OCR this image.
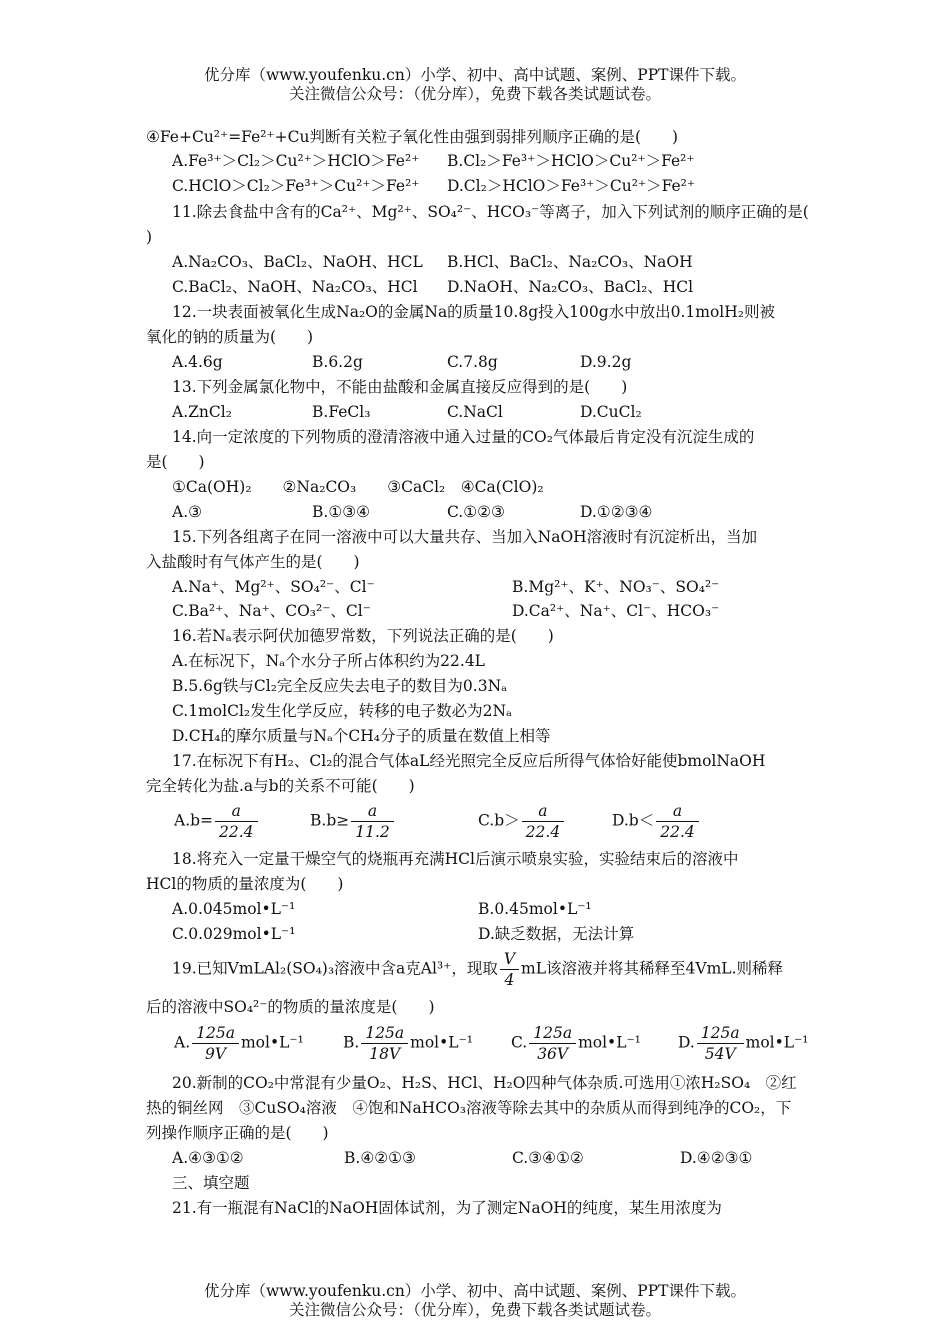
优分库（www.youfenku.cn）小学、初中、高中试题、案例、PPT课件下载。
关注微信公众号：（优分库），免费下载各类试题试卷。
④Fe+Cu²⁺=Fe²⁺+Cu判断有关粒子氧化性由强到弱排列顺序正确的是(　　)
A.Fe³⁺＞Cl₂＞Cu²⁺＞HClO＞Fe²⁺ B.Cl₂＞Fe³⁺＞HClO＞Cu²⁺＞Fe²⁺
C.HClO＞Cl₂＞Fe³⁺＞Cu²⁺＞Fe²⁺ D.Cl₂＞HClO＞Fe³⁺＞Cu²⁺＞Fe²⁺
11.除去食盐中含有的Ca²⁺、Mg²⁺、SO₄²⁻、HCO₃⁻等离子，加入下列试剂的顺序正确的是(
)
A.Na₂CO₃、BaCl₂、NaOH、HCL B.HCl、BaCl₂、Na₂CO₃、NaOH
C.BaCl₂、NaOH、Na₂CO₃、HCl D.NaOH、Na₂CO₃、BaCl₂、HCl
12.一块表面被氧化生成Na₂O的金属Na的质量10.8g投入100g水中放出0.1molH₂则被
氧化的钠的质量为(　　)
A.4.6g	B.6.2g	C.7.8g	D.9.2g
13.下列金属氯化物中，不能由盐酸和金属直接反应得到的是(　　)
A.ZnCl₂	B.FeCl₃	C.NaCl	D.CuCl₂
14.向一定浓度的下列物质的澄清溶液中通入过量的CO₂气体最后肯定没有沉淀生成的
是(　　)
①Ca(OH)₂　　②Na₂CO₃　　③CaCl₂　④Ca(ClO)₂
A.③	B.①③④	C.①②③	D.①②③④
15.下列各组离子在同一溶液中可以大量共存、当加入NaOH溶液时有沉淀析出，当加
入盐酸时有气体产生的是(　　)
A.Na⁺、Mg²⁺、SO₄²⁻、Cl⁻	B.Mg²⁺、K⁺、NO₃⁻、SO₄²⁻
C.Ba²⁺、Na⁺、CO₃²⁻、Cl⁻	D.Ca²⁺、Na⁺、Cl⁻、HCO₃⁻
16.若Nₐ表示阿伏加德罗常数，下列说法正确的是(　　)
A.在标况下，Nₐ个水分子所占体积约为22.4L
B.5.6g铁与Cl₂完全反应失去电子的数目为0.3Nₐ
C.1molCl₂发生化学反应，转移的电子数必为2Nₐ
D.CH₄的摩尔质量与Nₐ个CH₄分子的质量在数值上相等
17.在标况下有H₂、Cl₂的混合气体aL经光照完全反应后所得气体恰好能使bmolNaOH
完全转化为盐.a与b的关系不可能(　　)
$A.b= \frac{a}{22.4}$	$B.b\ge \frac{a}{11.2}$	$C.b> \frac{a}{22.4}$	$D.b< \frac{a}{22.4}$
18.将充入一定量干燥空气的烧瓶再充满HCl后演示喷泉实验，实验结束后的溶液中
HCl的物质的量浓度为(　　)
A.0.045mol•L⁻¹	B.0.45mol•L⁻¹
C.0.029mol•L⁻¹	D.缺乏数据，无法计算
19.已知VmLAl₂(SO₄)₃溶液中含a克Al³⁺，现取 $\frac{V}{4}$ mL该溶液并将其稀释至4VmL.则稀释
后的溶液中SO₄²⁻的物质的量浓度是(　　)
A. $\frac{125a}{9V}$ mol•L⁻¹	B. $\frac{125a}{18V}$ mol•L⁻¹ C. $\frac{125a}{36V}$ mol•L⁻¹ D. $\frac{125a}{54V}$ mol•L⁻¹
20.新制的CO₂中常混有少量O₂、H₂S、HCl、H₂O四种气体杂质.可选用①浓H₂SO₄　②红
热的铜丝网　③CuSO₄溶液　④饱和NaHCO₃溶液等除去其中的杂质从而得到纯净的CO₂，下
列操作顺序正确的是(　　)
A.④③①②	B.④②①③	C.③④①②	D.④②③①
三、填空题
21.有一瓶混有NaCl的NaOH固体试剂，为了测定NaOH的纯度，某生用浓度为
优分库（www.youfenku.cn）小学、初中、高中试题、案例、PPT课件下载。
关注微信公众号：（优分库），免费下载各类试题试卷。
